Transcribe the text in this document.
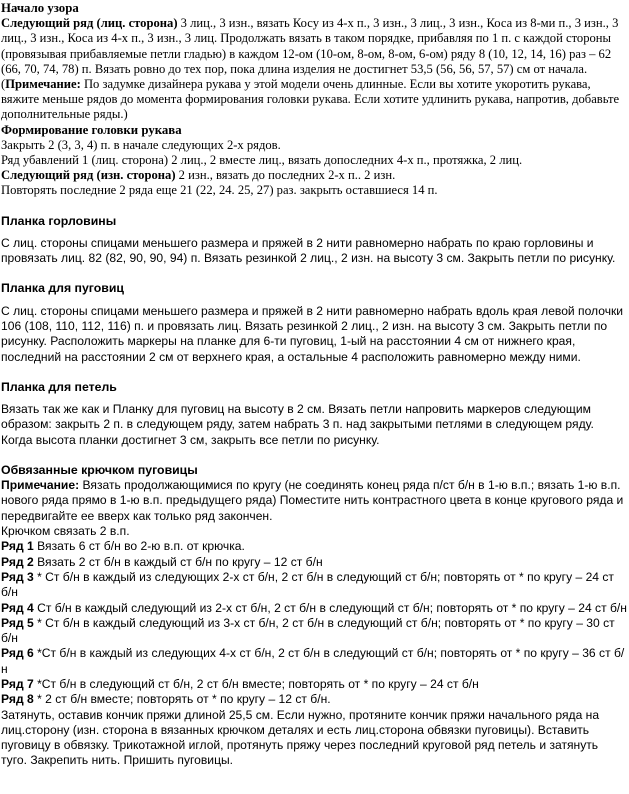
Начало узора

Следующий ряд (лиц. сторона) 3 лиц., 3 изн., вязать Косу из 4-х п., 3 изн., 3 лиц., 3 изн., Коса из 8-ми п., 3 изн., 3 лиц., 3 изн., Коса из 4-х п., 3 изн., 3 лиц. Продолжать вязать в таком порядке, прибавляя по 1 п. с каждой стороны (провязывая прибавляемые петли гладью) в каждом 12-ом (10-ом, 8-ом, 8-ом, 6-ом) ряду 8 (10, 12, 14, 16) раз – 62 (66, 70, 74, 78) п. Вязать ровно до тех пор, пока длина изделия не достигнет 53,5 (56, 56, 57, 57) см от начала. (Примечание: По задумке дизайнера рукава у этой модели очень длинные. Если вы хотите укоротить рукава, вяжите меньше рядов до момента формирования головки рукава. Если хотите удлинить рукава, напротив, добавьте дополнительные ряды.)

Формирование головки рукава

Закрыть 2 (3, 3, 4) п. в начале следующих 2-х рядов.

Ряд убавлений 1 (лиц. сторона) 2 лиц., 2 вместе лиц., вязать допоследних 4-х п., протяжка, 2 лиц.

Следующий ряд (изн. сторона) 2 изн., вязать до последних 2-х п.. 2 изн.

Повторять последние 2 ряда еще 21 (22, 24. 25, 27) раз. закрыть оставшиеся 14 п.

Планка горловины

С лиц. стороны спицами меньшего размера и пряжей в 2 нити равномерно набрать по краю горловины и провязать лиц. 82 (82, 90, 90, 94) п. Вязать резинкой 2 лиц., 2 изн. на высоту 3 см. Закрыть петли по рисунку.

Планка для пуговиц

С лиц. стороны спицами меньшего размера и пряжей в 2 нити равномерно набрать вдоль края левой полочки 106 (108, 110, 112, 116) п. и провязать лиц. Вязать резинкой 2 лиц., 2 изн. на высоту 3 см. Закрыть петли по рисунку. Расположить маркеры на планке для 6-ти пуговиц, 1-ый на расстоянии 4 см от нижнего края, последний на расстоянии 2 см от верхнего края, а остальные 4 расположить равномерно между ними.

Планка для петель

Вязать так же как и Планку для пуговиц на высоту в 2 см. Вязать петли напровить маркеров следующим образом: закрыть 2 п. в следующем ряду, затем набрать 3 п. над закрытыми петлями в следующем ряду. Когда высота планки достигнет 3 см, закрыть все петли по рисунку.

Обвязанные крючком пуговицы

Примечание: Вязать продолжающимися по кругу (не соединять конец ряда п/ст б/н в 1-ю в.п.; вязать 1-ю в.п. нового ряда прямо в 1-ю в.п. предыдущего ряда) Поместите нить контрастного цвета в конце кругового ряда и передвигайте ее вверх как только ряд закончен.

Крючком связать 2 в.п.

Ряд 1 Вязать 6 ст б/н во 2-ю в.п. от крючка.

Ряд 2 Вязать 2 ст б/н в каждый ст б/н по кругу – 12 ст б/н

Ряд 3 * Ст б/н в каждый из следующих 2-х ст б/н, 2 ст б/н в следующий ст б/н; повторять от * по кругу – 24 ст б/н

Ряд 4 Ст б/н в каждый следующий из 2-х ст б/н, 2 ст б/н в следующий ст б/н; повторять от * по кругу – 24 ст б/н

Ряд 5 * Ст б/н в каждый следующий из 3-х ст б/н, 2 ст б/н в следующий ст б/н; повторять от * по кругу – 30 ст б/н

Ряд 6 *Ст б/н в каждый из следующих 4-х ст б/н, 2 ст б/н в следующий ст б/н; повторять от * по кругу – 36 ст б/н

Ряд 7 *Ст б/н в следующий ст б/н, 2 ст б/н вместе; повторять от * по кругу – 24 ст б/н

Ряд 8 * 2 ст б/н вместе; повторять от * по кругу – 12 ст б/н.

Затянуть, оставив кончик пряжи длиной 25,5 см. Если нужно, протяните кончик пряжи начального ряда на лиц.сторону (изн. сторона в вязанных крючком деталях и есть лиц.сторона обвязки пуговицы). Вставить пуговицу в обвязку. Трикотажной иглой, протянуть пряжу через последний круговой ряд петель и затянуть туго. Закрепить нить. Пришить пуговицы.
